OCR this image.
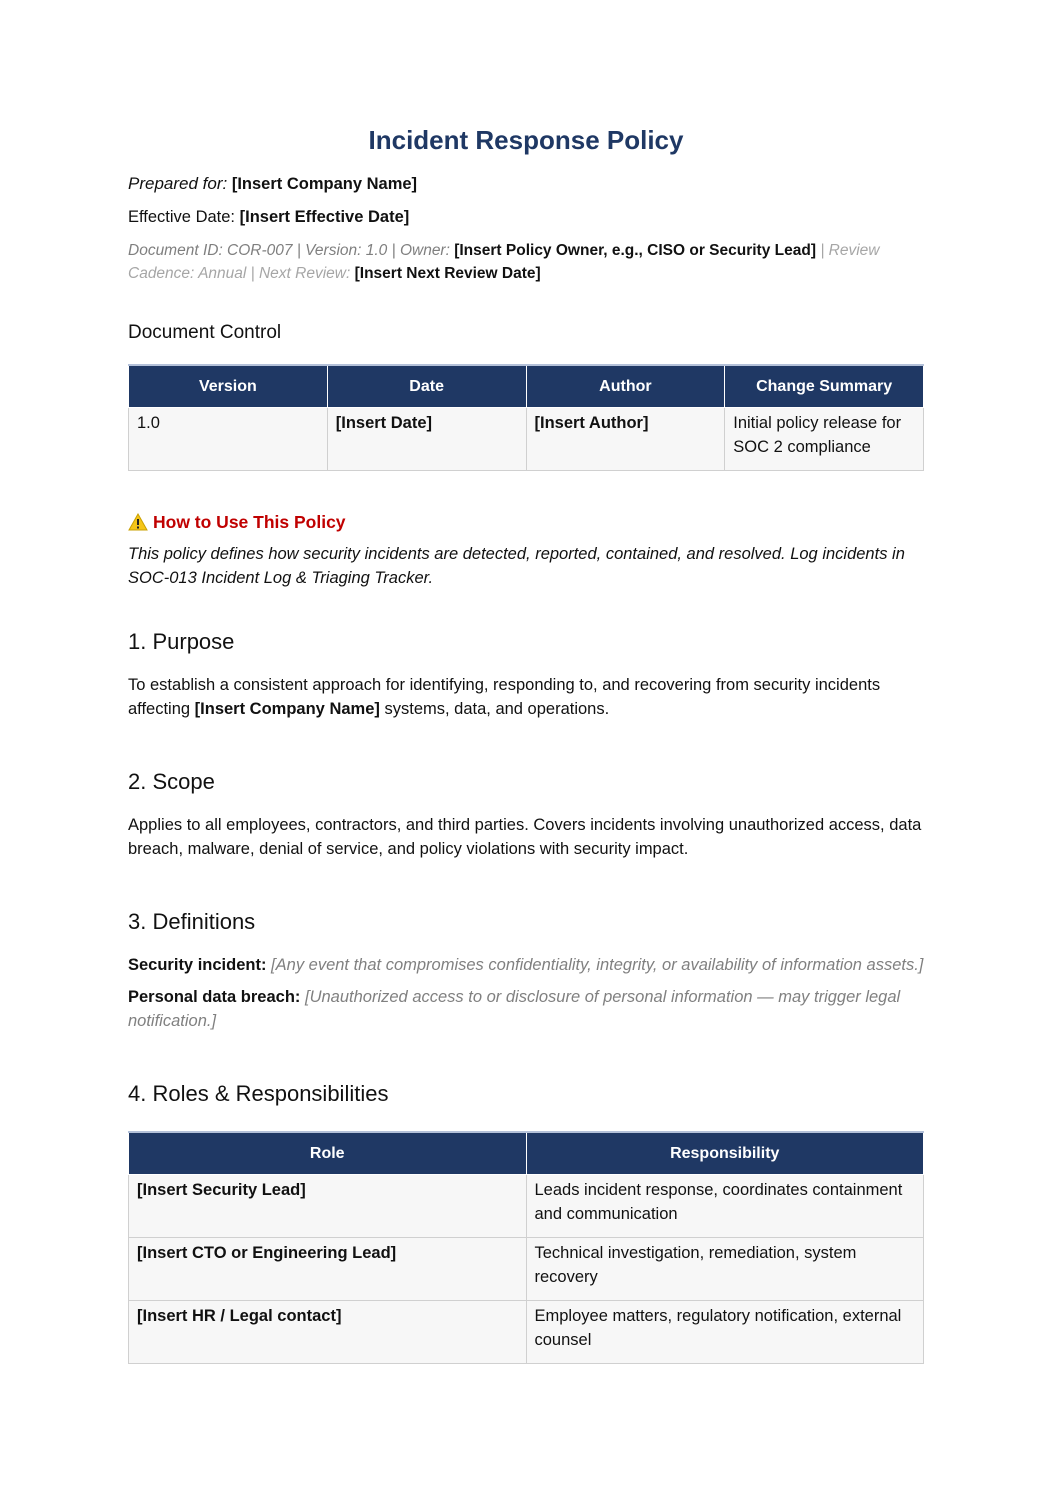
Incident Response Policy

Prepared for: [Insert Company Name]

Effective Date: [Insert Effective Date]

Document ID: COR-007 | Version: 1.0 | Owner: [Insert Policy Owner, e.g., CISO or Security Lead] | Review Cadence: Annual | Next Review: [Insert Next Review Date]

Document Control

Version	Date	Author	Change Summary
1.0	[Insert Date]	[Insert Author]	Initial policy release for SOC 2 compliance
How to Use This Policy

This policy defines how security incidents are detected, reported, contained, and resolved. Log incidents in SOC-013 Incident Log & Triaging Tracker.

1. Purpose

To establish a consistent approach for identifying, responding to, and recovering from security incidents affecting [Insert Company Name] systems, data, and operations.

2. Scope

Applies to all employees, contractors, and third parties. Covers incidents involving unauthorized access, data breach, malware, denial of service, and policy violations with security impact.

3. Definitions

Security incident: [Any event that compromises confidentiality, integrity, or availability of information assets.]

Personal data breach: [Unauthorized access to or disclosure of personal information — may trigger legal notification.]

4. Roles & Responsibilities
Role	Responsibility
[Insert Security Lead]	Leads incident response, coordinates containment and communication
[Insert CTO or Engineering Lead]	Technical investigation, remediation, system recovery
[Insert HR / Legal contact]	Employee matters, regulatory notification, external counsel
